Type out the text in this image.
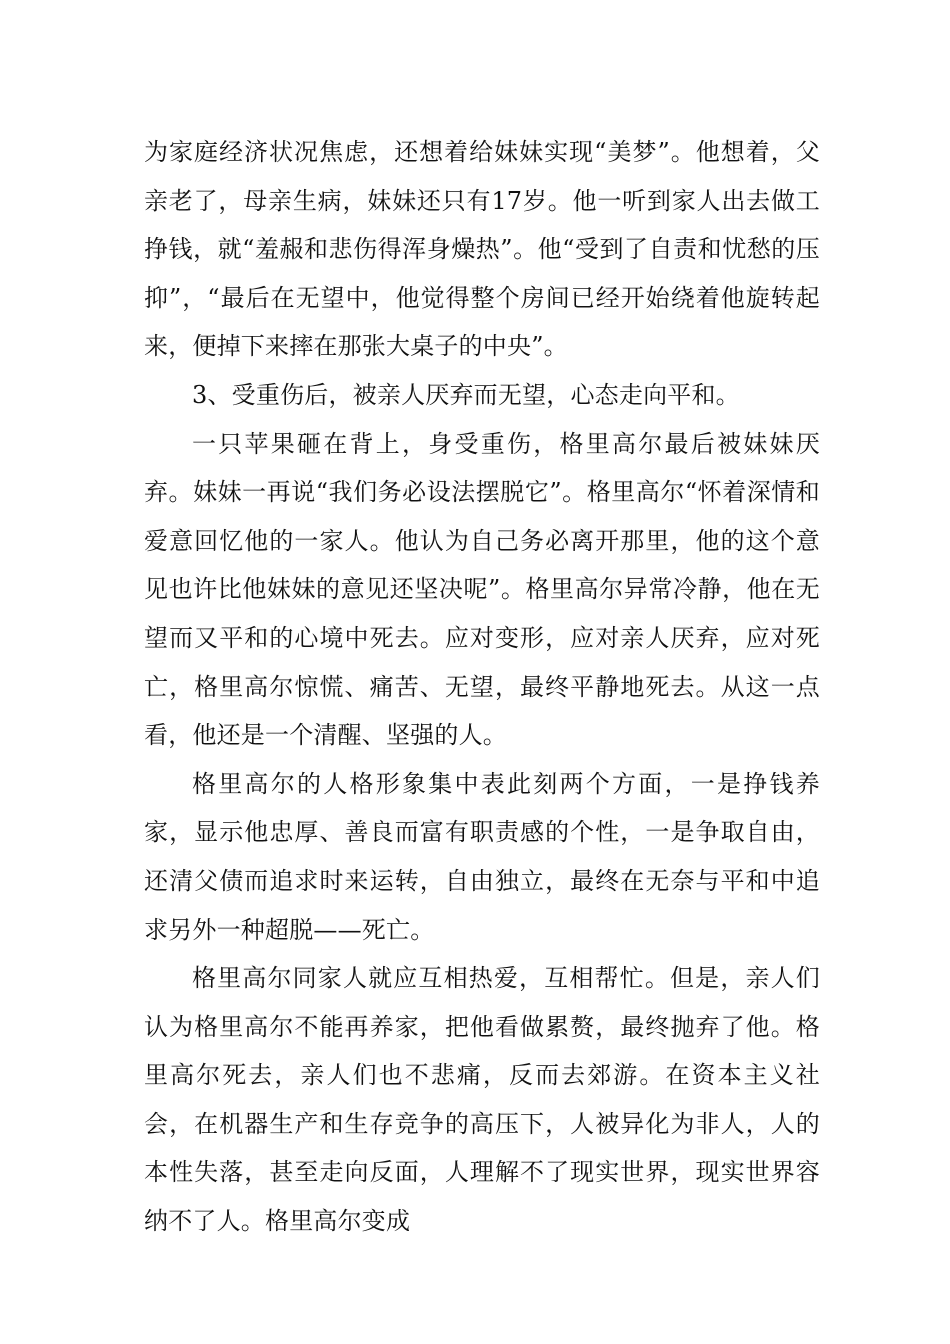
为家庭经济状况焦虑，还想着给妹妹实现“美梦”。他想着，父亲老了，母亲生病，妹妹还只有17岁。他一听到家人出去做工挣钱，就“羞赧和悲伤得浑身燥热”。他“受到了自责和忧愁的压抑”，“最后在无望中，他觉得整个房间已经开始绕着他旋转起来，便掉下来摔在那张大桌子的中央”。

3、受重伤后，被亲人厌弃而无望，心态走向平和。

一只苹果砸在背上，身受重伤，格里高尔最后被妹妹厌弃。妹妹一再说“我们务必设法摆脱它”。格里高尔“怀着深情和爱意回忆他的一家人。他认为自己务必离开那里，他的这个意见也许比他妹妹的意见还坚决呢”。格里高尔异常冷静，他在无望而又平和的心境中死去。应对变形，应对亲人厌弃，应对死亡，格里高尔惊慌、痛苦、无望，最终平静地死去。从这一点看，他还是一个清醒、坚强的人。

格里高尔的人格形象集中表此刻两个方面，一是挣钱养家，显示他忠厚、善良而富有职责感的个性，一是争取自由，还清父债而追求时来运转，自由独立，最终在无奈与平和中追求另外一种超脱——死亡。

格里高尔同家人就应互相热爱，互相帮忙。但是，亲人们认为格里高尔不能再养家，把他看做累赘，最终抛弃了他。格里高尔死去，亲人们也不悲痛，反而去郊游。在资本主义社会，在机器生产和生存竞争的高压下，人被异化为非人，人的本性失落，甚至走向反面，人理解不了现实世界，现实世界容纳不了人。格里高尔变成
